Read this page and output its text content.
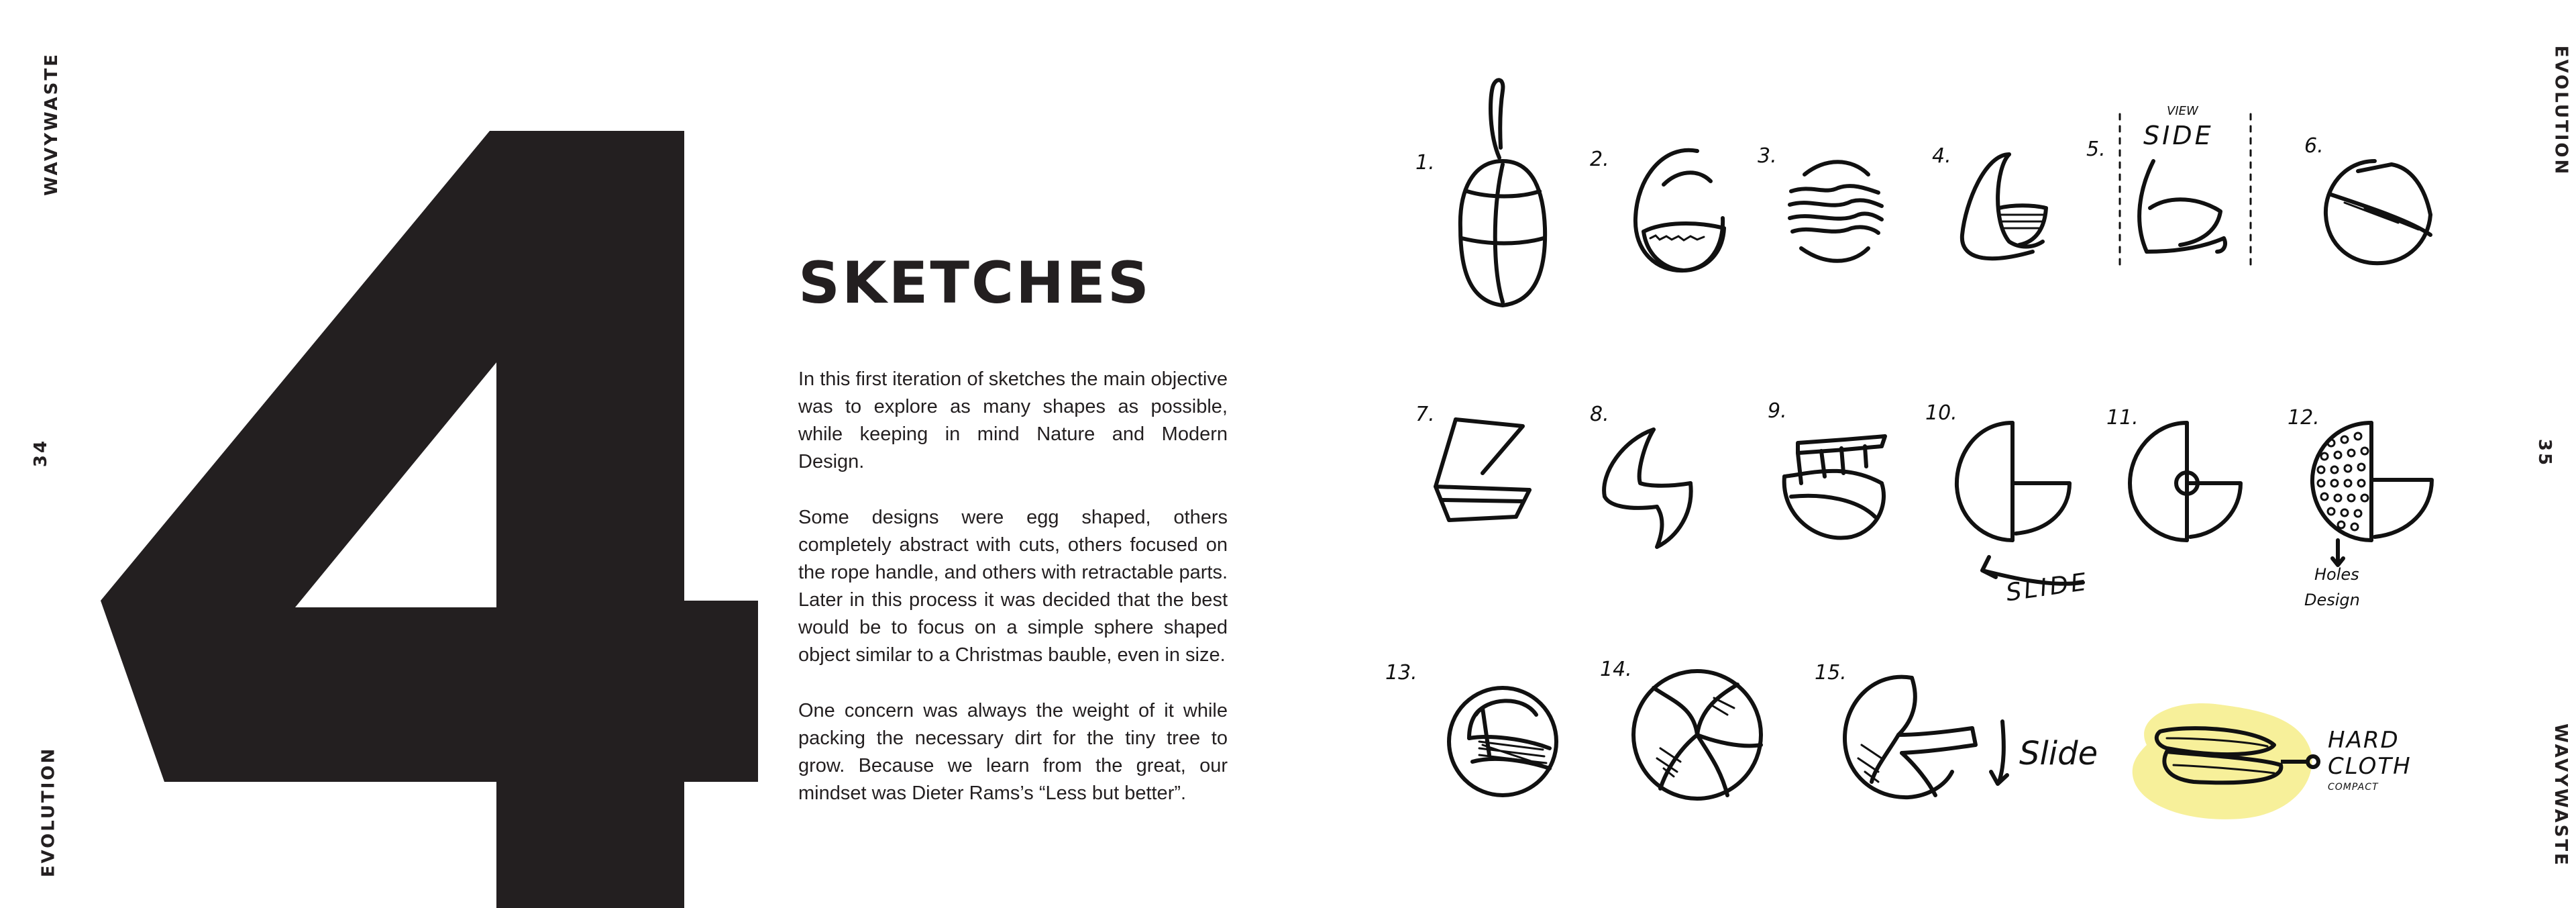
WAVYWASTE
34
EVOLUTION
EVOLUTION
35
WAVYWASTE
SKETCHES

In this first iteration of sketches the main objective was to explore as many shapes as possible, while keeping in mind Nature and Modern Design.

Some designs were egg shaped, others completely abstract with cuts, others focused on the rope handle, and others with retractable parts. Later in this process it was decided that the best would be to focus on a simple sphere shaped object similar to a Christmas bauble, even in size.

One concern was always the weight of it while packing the necessary dirt for the tiny tree to grow. Because we learn from the great, our mindset was Dieter Rams’s “Less but better”.

1.	2.	3.	4.	5.	6.
7.	8.	9.	10.	11.	12.
13.	14.	15.
VIEW
SIDE
SLIDE	Holes
Design
Slide	HARD
CLOTH
COMPACT
